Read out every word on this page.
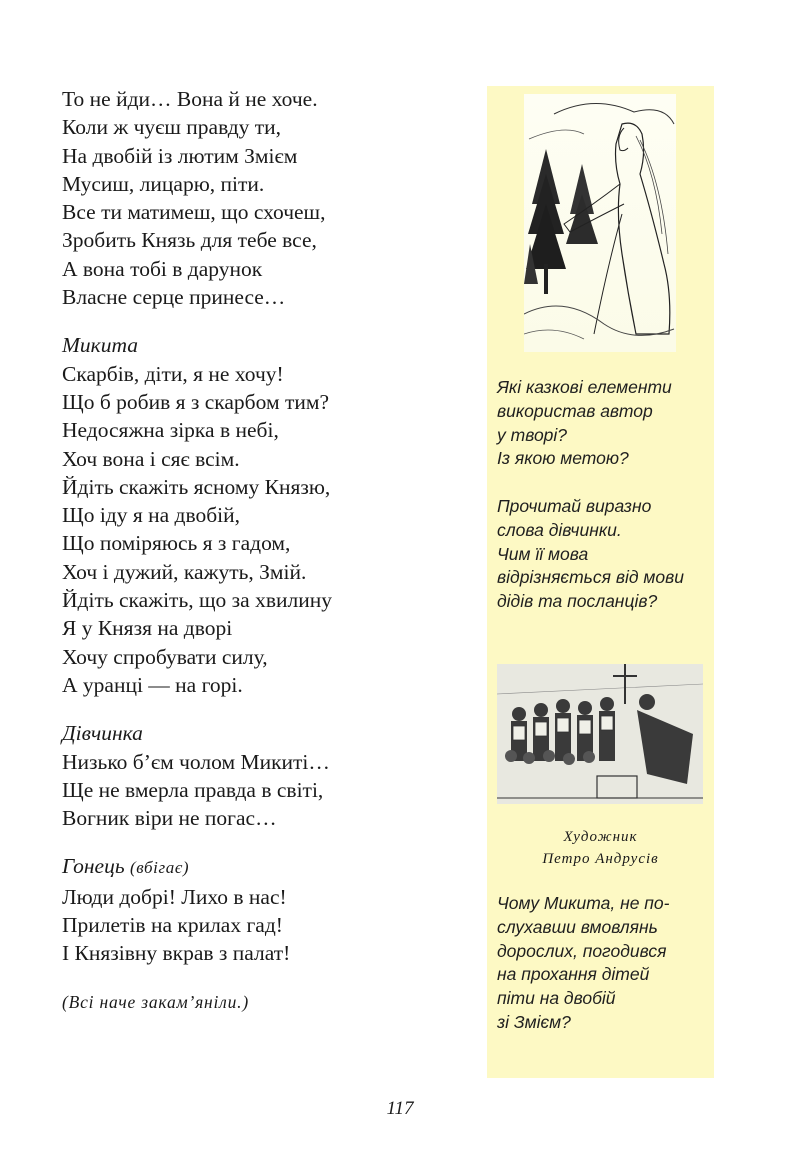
То не йди… Вона й не хоче.
Коли ж чуєш правду ти,
На двобій із лютим Змієм
Мусиш, лицарю, піти.
Все ти матимеш, що схочеш,
Зробить Князь для тебе все,
А вона тобі в дарунок
Власне серце принесе…
Микита
Скарбів, діти, я не хочу!
Що б робив я з скарбом тим?
Недосяжна зірка в небі,
Хоч вона і сяє всім.
Йдіть скажіть ясному Князю,
Що іду я на двобій,
Що поміряюсь я з гадом,
Хоч і дужий, кажуть, Змій.
Йдіть скажіть, що за хвилину
Я у Князя на дворі
Хочу спробувати силу,
А уранці — на горі.
Дівчинка
Низько б’єм чолом Микиті…
Ще не вмерла правда в світі,
Вогник віри не погас…
Гонець (вбігає)
Люди добрі! Лихо в нас!
Прилетів на крилах гад!
І Князівну вкрав з палат!
(Всі наче закам’яніли.)
Які казкові елементи
використав автор
у творі?
Із якою метою?
Прочитай виразно
слова дівчинки.
Чим її мова
відрізняється від мови
дідів та посланців?
Художник
Петро Андрусів
Чому Микита, не по-
слухавши вмовлянь
дорослих, погодився
на прохання дітей
піти на двобій
зі Змієм?
117
